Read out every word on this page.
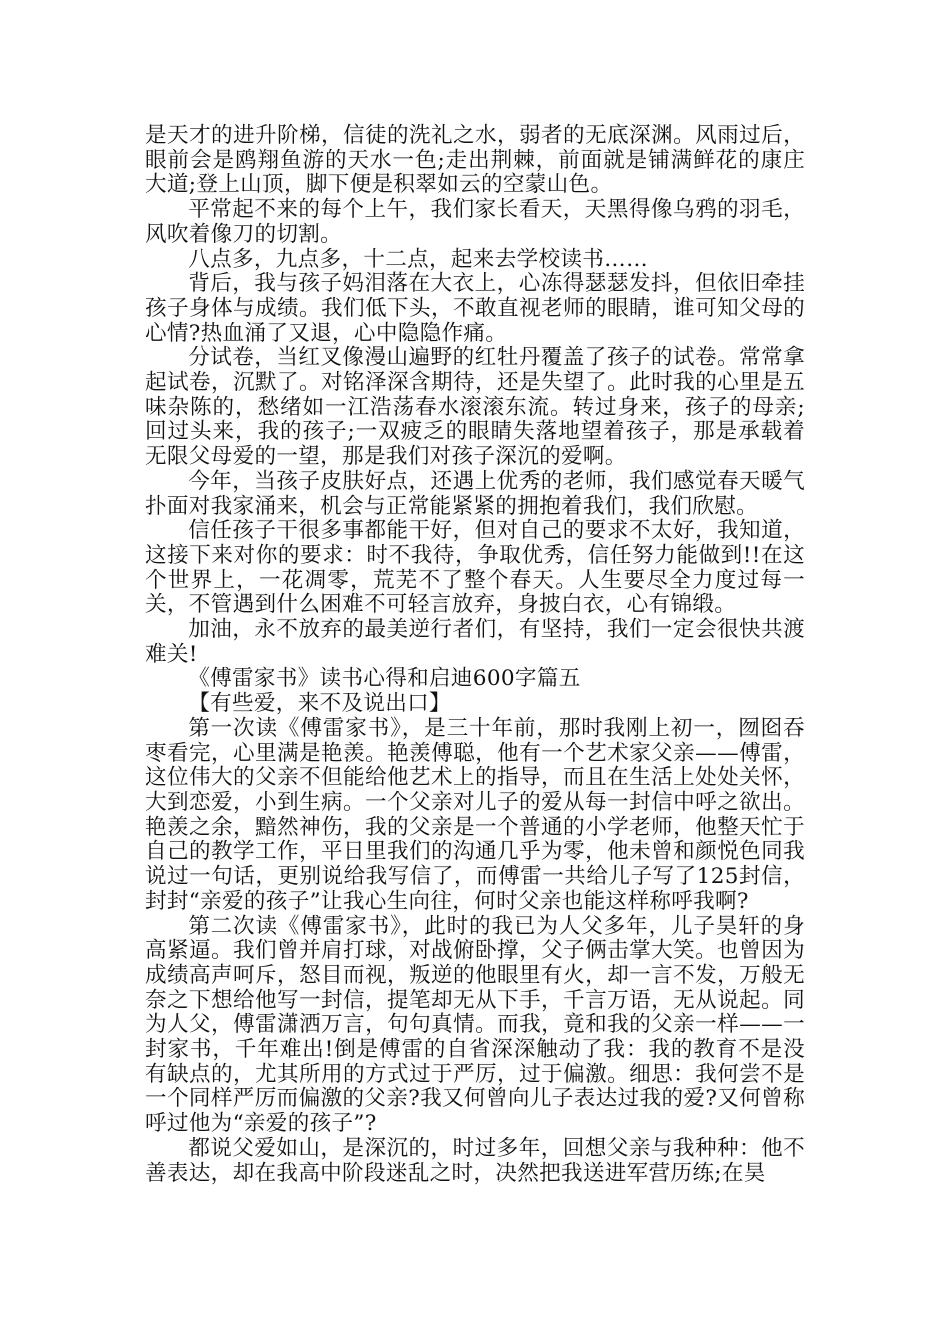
是天才的进升阶梯，信徒的洗礼之水，弱者的无底深渊。风雨过后，眼前会是鸥翔鱼游的天水一色;走出荆棘，前面就是铺满鲜花的康庄大道;登上山顶，脚下便是积翠如云的空蒙山色。

平常起不来的每个上午，我们家长看天，天黑得像乌鸦的羽毛，风吹着像刀的切割。

八点多，九点多，十二点，起来去学校读书……

背后，我与孩子妈泪落在大衣上，心冻得瑟瑟发抖，但依旧牵挂孩子身体与成绩。我们低下头，不敢直视老师的眼睛，谁可知父母的心情?热血涌了又退，心中隐隐作痛。

分试卷，当红叉像漫山遍野的红牡丹覆盖了孩子的试卷。常常拿起试卷，沉默了。对铭泽深含期待，还是失望了。此时我的心里是五味杂陈的，愁绪如一江浩荡春水滚滚东流。转过身来，孩子的母亲;回过头来，我的孩子;一双疲乏的眼睛失落地望着孩子，那是承载着无限父母爱的一望，那是我们对孩子深沉的爱啊。

今年，当孩子皮肤好点，还遇上优秀的老师，我们感觉春天暖气扑面对我家涌来，机会与正常能紧紧的拥抱着我们，我们欣慰。

信任孩子干很多事都能干好，但对自己的要求不太好，我知道，这接下来对你的要求：时不我待，争取优秀，信任努力能做到!!在这个世界上，一花凋零，荒芜不了整个春天。人生要尽全力度过每一关，不管遇到什么困难不可轻言放弃，身披白衣，心有锦缎。

加油，永不放弃的最美逆行者们，有坚持，我们一定会很快共渡难关!

《傅雷家书》读书心得和启迪600字篇五

【有些爱，来不及说出口】

第一次读《傅雷家书》，是三十年前，那时我刚上初一，囫囵吞枣看完，心里满是艳羡。艳羡傅聪，他有一个艺术家父亲——傅雷，这位伟大的父亲不但能给他艺术上的指导，而且在生活上处处关怀，大到恋爱，小到生病。一个父亲对儿子的爱从每一封信中呼之欲出。艳羡之余，黯然神伤，我的父亲是一个普通的小学老师，他整天忙于自己的教学工作，平日里我们的沟通几乎为零，他未曾和颜悦色同我说过一句话，更别说给我写信了，而傅雷一共给儿子写了125封信，封封“亲爱的孩子”让我心生向往，何时父亲也能这样称呼我啊?

第二次读《傅雷家书》，此时的我已为人父多年，儿子昊轩的身高紧逼。我们曾并肩打球，对战俯卧撑，父子俩击掌大笑。也曾因为成绩高声呵斥，怒目而视，叛逆的他眼里有火，却一言不发，万般无奈之下想给他写一封信，提笔却无从下手，千言万语，无从说起。同为人父，傅雷潇洒万言，句句真情。而我，竟和我的父亲一样——一封家书，千年难出!倒是傅雷的自省深深触动了我：我的教育不是没有缺点的，尤其所用的方式过于严厉，过于偏激。细思：我何尝不是一个同样严厉而偏激的父亲?我又何曾向儿子表达过我的爱?又何曾称呼过他为“亲爱的孩子”?

都说父爱如山，是深沉的，时过多年，回想父亲与我种种：他不善表达，却在我高中阶段迷乱之时，决然把我送进军营历练;在昊
